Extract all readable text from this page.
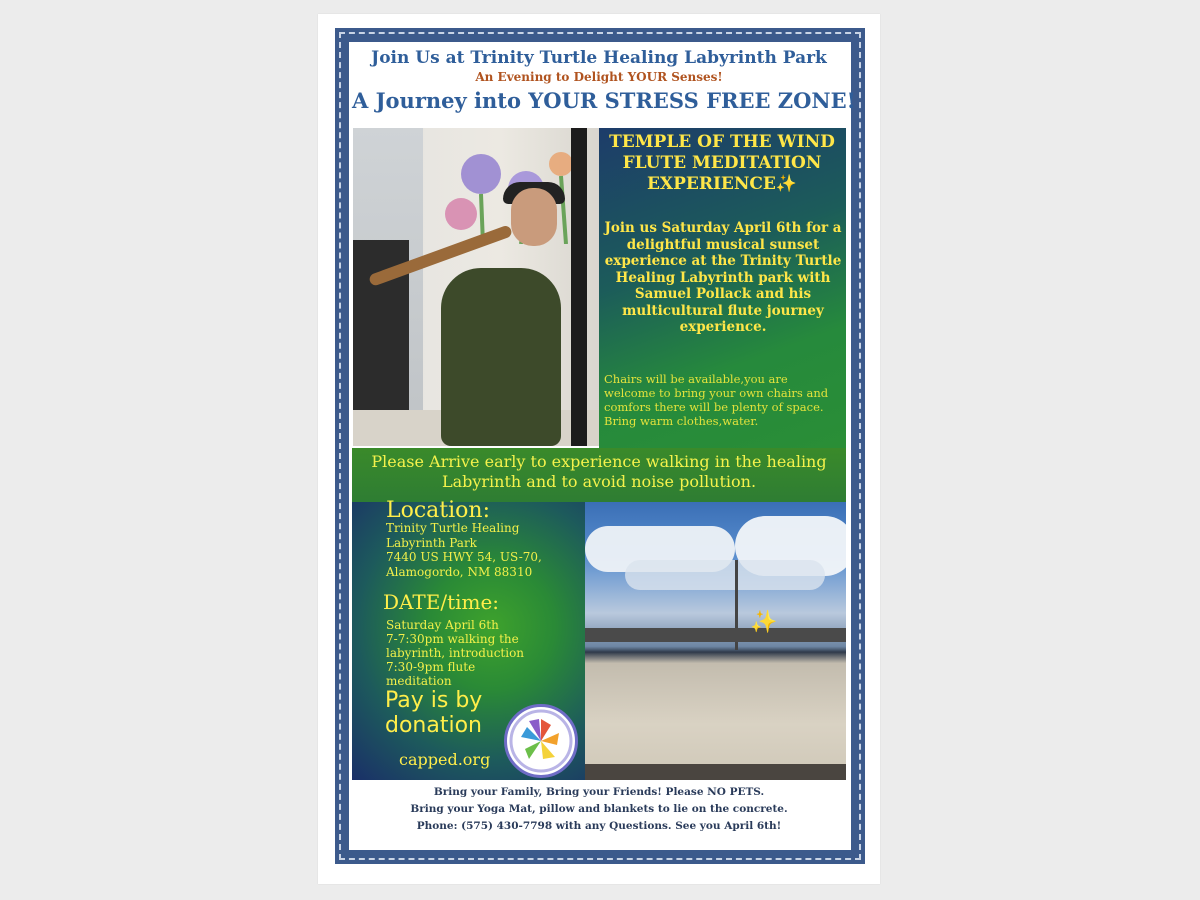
Join Us at Trinity Turtle Healing Labyrinth Park
An Evening to Delight YOUR Senses!
A Journey into YOUR STRESS FREE ZONE!
TEMPLE OF THE WIND
FLUTE MEDITATION
EXPERIENCE✨
Join us Saturday April 6th for a delightful musical sunset experience at the Trinity Turtle Healing Labyrinth park with Samuel Pollack and his multicultural flute journey experience.
Chairs will be available,you are welcome to bring your own chairs and comfors there will be plenty of space. Bring warm clothes,water.
Please Arrive early to experience walking in the healing Labyrinth and to avoid noise pollution.
Location:
Trinity Turtle Healing
Labyrinth Park
7440 US HWY 54, US-70,
Alamogordo, NM 88310
DATE/time:
Saturday April 6th
7-7:30pm walking the
labyrinth, introduction
7:30-9pm flute
meditation
Pay is by
donation
capped.org
✨
Bring your Family, Bring your Friends! Please NO PETS.
Bring your Yoga Mat, pillow and blankets to lie on the concrete.
Phone: (575) 430-7798 with any Questions. See you April 6th!
